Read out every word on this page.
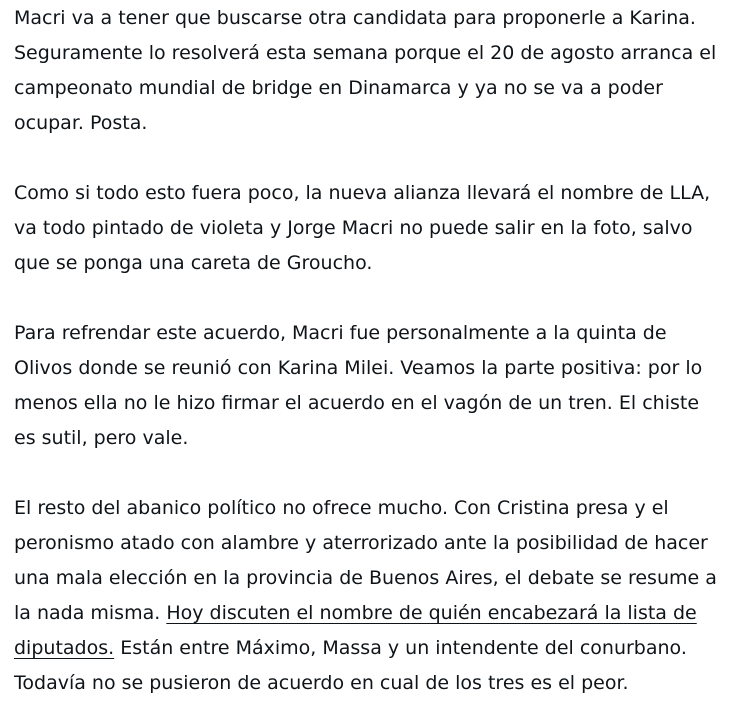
Macri va a tener que buscarse otra candidata para proponerle a Karina. Seguramente lo resolverá esta semana porque el 20 de agosto arranca el campeonato mundial de bridge en Dinamarca y ya no se va a poder ocupar. Posta.

Como si todo esto fuera poco, la nueva alianza llevará el nombre de LLA, va todo pintado de violeta y Jorge Macri no puede salir en la foto, salvo que se ponga una careta de Groucho.

Para refrendar este acuerdo, Macri fue personalmente a la quinta de Olivos donde se reunió con Karina Milei. Veamos la parte positiva: por lo menos ella no le hizo firmar el acuerdo en el vagón de un tren. El chiste es sutil, pero vale.

El resto del abanico político no ofrece mucho. Con Cristina presa y el peronismo atado con alambre y aterrorizado ante la posibilidad de hacer una mala elección en la provincia de Buenos Aires, el debate se resume a la nada misma. Hoy discuten el nombre de quién encabezará la lista de diputados. Están entre Máximo, Massa y un intendente del conurbano. Todavía no se pusieron de acuerdo en cual de los tres es el peor.
